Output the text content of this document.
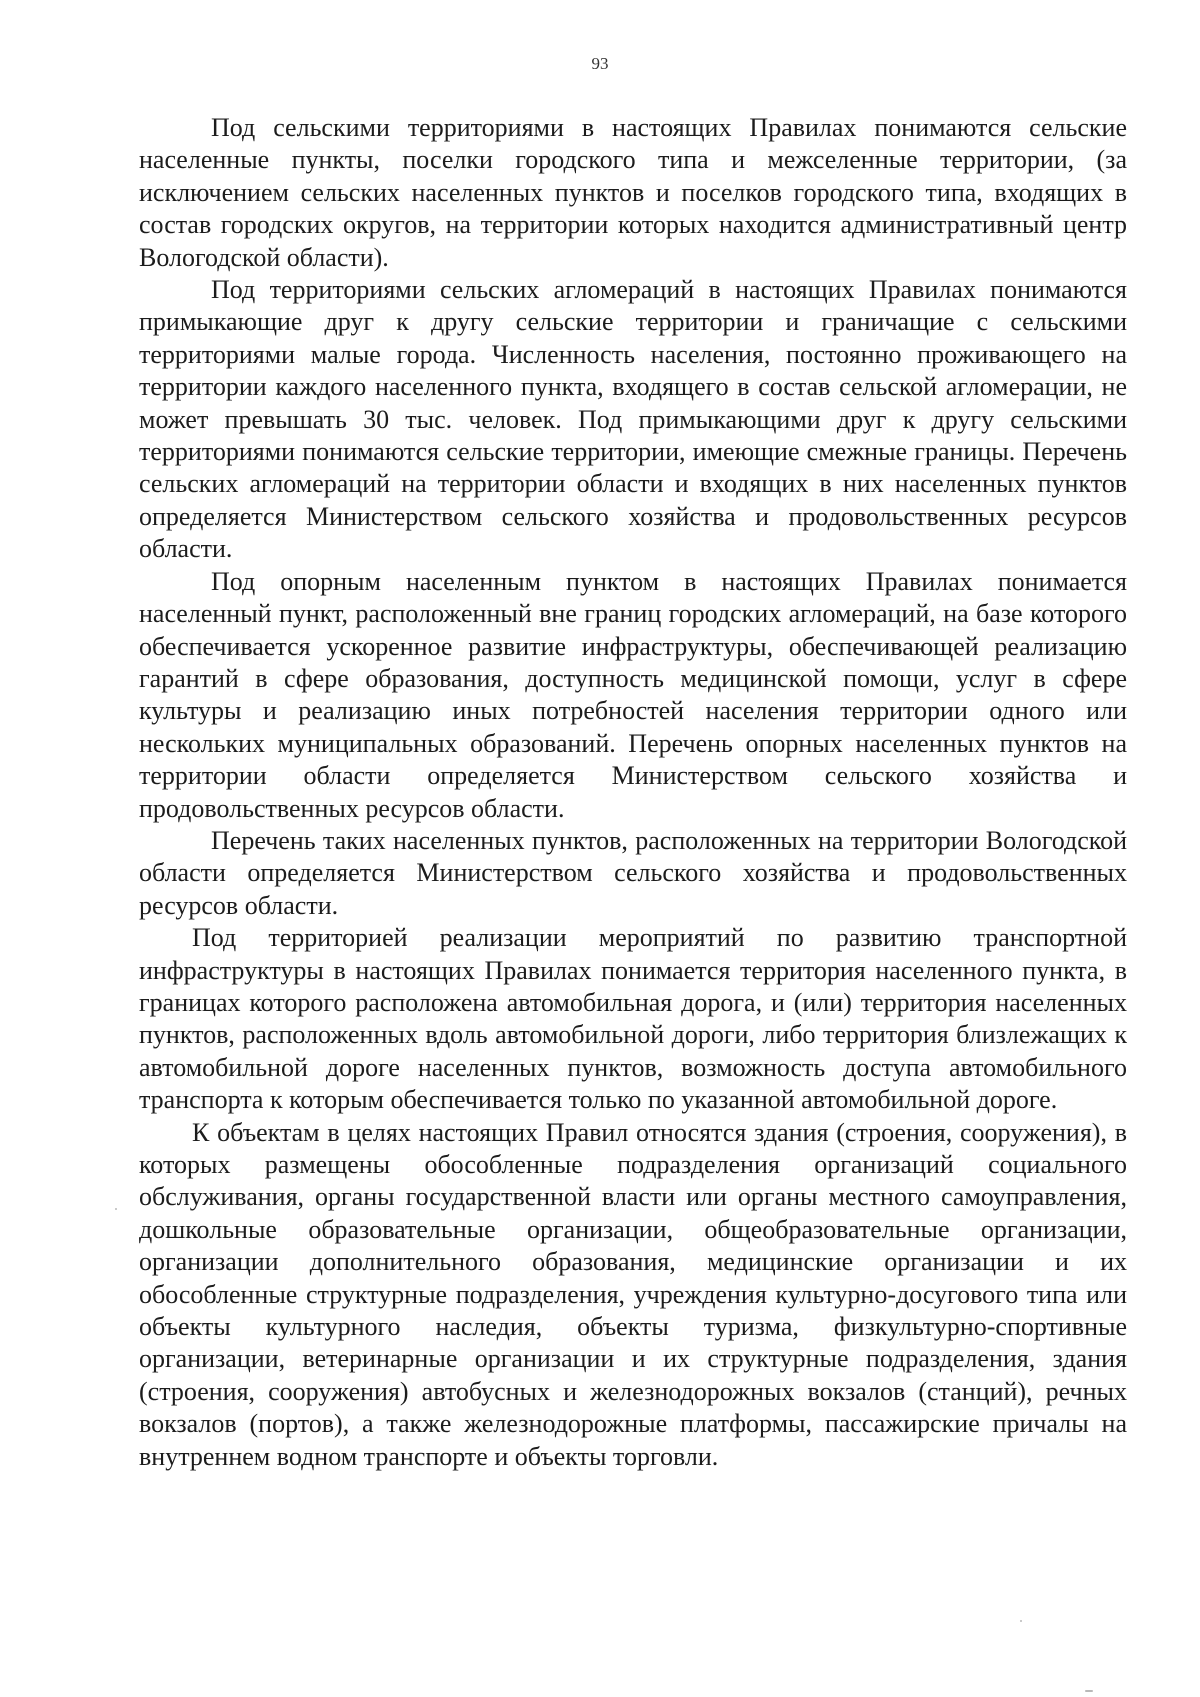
93

Под сельскими территориями в настоящих Правилах понимаются сельские населенные пункты, поселки городского типа и межселенные территории, (за исключением сельских населенных пунктов и поселков городского типа, входящих в состав городских округов, на территории которых находится административный центр Вологодской области).

Под территориями сельских агломераций в настоящих Правилах понимаются примыкающие друг к другу сельские территории и граничащие с сельскими территориями малые города. Численность населения, постоянно проживающего на территории каждого населенного пункта, входящего в состав сельской агломерации, не может превышать 30 тыс. человек. Под примыкающими друг к другу сельскими территориями понимаются сельские территории, имеющие смежные границы. Перечень сельских агломераций на территории области и входящих в них населенных пунктов определяется Министерством сельского хозяйства и продовольственных ресурсов области.

Под опорным населенным пунктом в настоящих Правилах понимается населенный пункт, расположенный вне границ городских агломераций, на базе которого обеспечивается ускоренное развитие инфраструктуры, обеспечивающей реализацию гарантий в сфере образования, доступность медицинской помощи, услуг в сфере культуры и реализацию иных потребностей населения территории одного или нескольких муниципальных образований. Перечень опорных населенных пунктов на территории области определяется Министерством сельского хозяйства и продовольственных ресурсов области.

Перечень таких населенных пунктов, расположенных на территории Вологодской области определяется Министерством сельского хозяйства и продовольственных ресурсов области.

Под территорией реализации мероприятий по развитию транспортной инфраструктуры в настоящих Правилах понимается территория населенного пункта, в границах которого расположена автомобильная дорога, и (или) территория населенных пунктов, расположенных вдоль автомобильной дороги, либо территория близлежащих к автомобильной дороге населенных пунктов, возможность доступа автомобильного транспорта к которым обеспечивается только по указанной автомобильной дороге.

К объектам в целях настоящих Правил относятся здания (строения, сооружения), в которых размещены обособленные подразделения организаций социального обслуживания, органы государственной власти или органы местного самоуправления, дошкольные образовательные организации, общеобразовательные организации, организации дополнительного образования, медицинские организации и их обособленные структурные подразделения, учреждения культурно-досугового типа или объекты культурного наследия, объекты туризма, физкультурно-спортивные организации, ветеринарные организации и их структурные подразделения, здания (строения, сооружения) автобусных и железнодорожных вокзалов (станций), речных вокзалов (портов), а также железнодорожные платформы, пассажирские причалы на внутреннем водном транспорте и объекты торговли.
